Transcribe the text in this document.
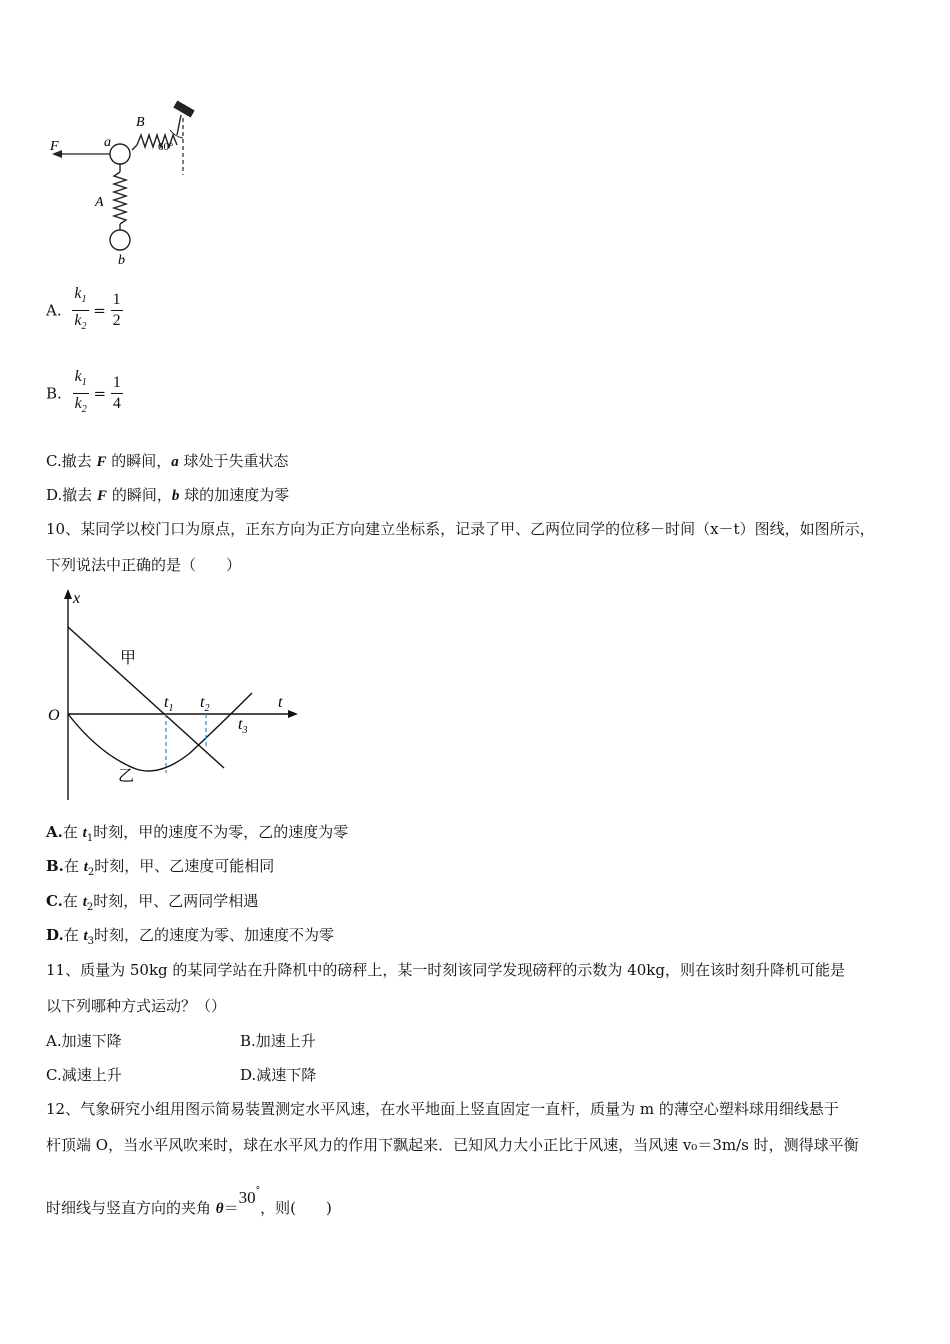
F	a
B
A
b
60°
A. $\frac{k_1}{k_2} = \frac{1}{2}$
B. $\frac{k_1}{k_2} = \frac{1}{4}$
C.撤去 F 的瞬间，a 球处于失重状态
D.撤去 F 的瞬间，b 球的加速度为零
10、某同学以校门口为原点，正东方向为正方向建立坐标系，记录了甲、乙两位同学的位移－时间（x－t）图线，如图所示，
下列说法中正确的是（　　）
x
t
O
甲
乙
$t_1$ $t_2$
$t_3$
A.在 $t_1$时刻，甲的速度不为零，乙的速度为零
B.在 $t_2$时刻，甲、乙速度可能相同
C.在 $t_2$时刻，甲、乙两同学相遇
D.在 $t_3$时刻，乙的速度为零、加速度不为零
11、质量为 50kg 的某同学站在升降机中的磅秤上，某一时刻该同学发现磅秤的示数为 40kg，则在该时刻升降机可能是
以下列哪种方式运动？（）
A.加速下降	B.加速上升
C.减速上升	D.减速下降
12、气象研究小组用图示简易装置测定水平风速，在水平地面上竖直固定一直杆，质量为 m 的薄空心塑料球用细线悬于
杆顶端 O，当水平风吹来时，球在水平风力的作用下飘起来．已知风力大小正比于风速，当风速 v₀＝3m/s 时，测得球平衡
时细线与竖直方向的夹角 θ＝30°，则(　　)
